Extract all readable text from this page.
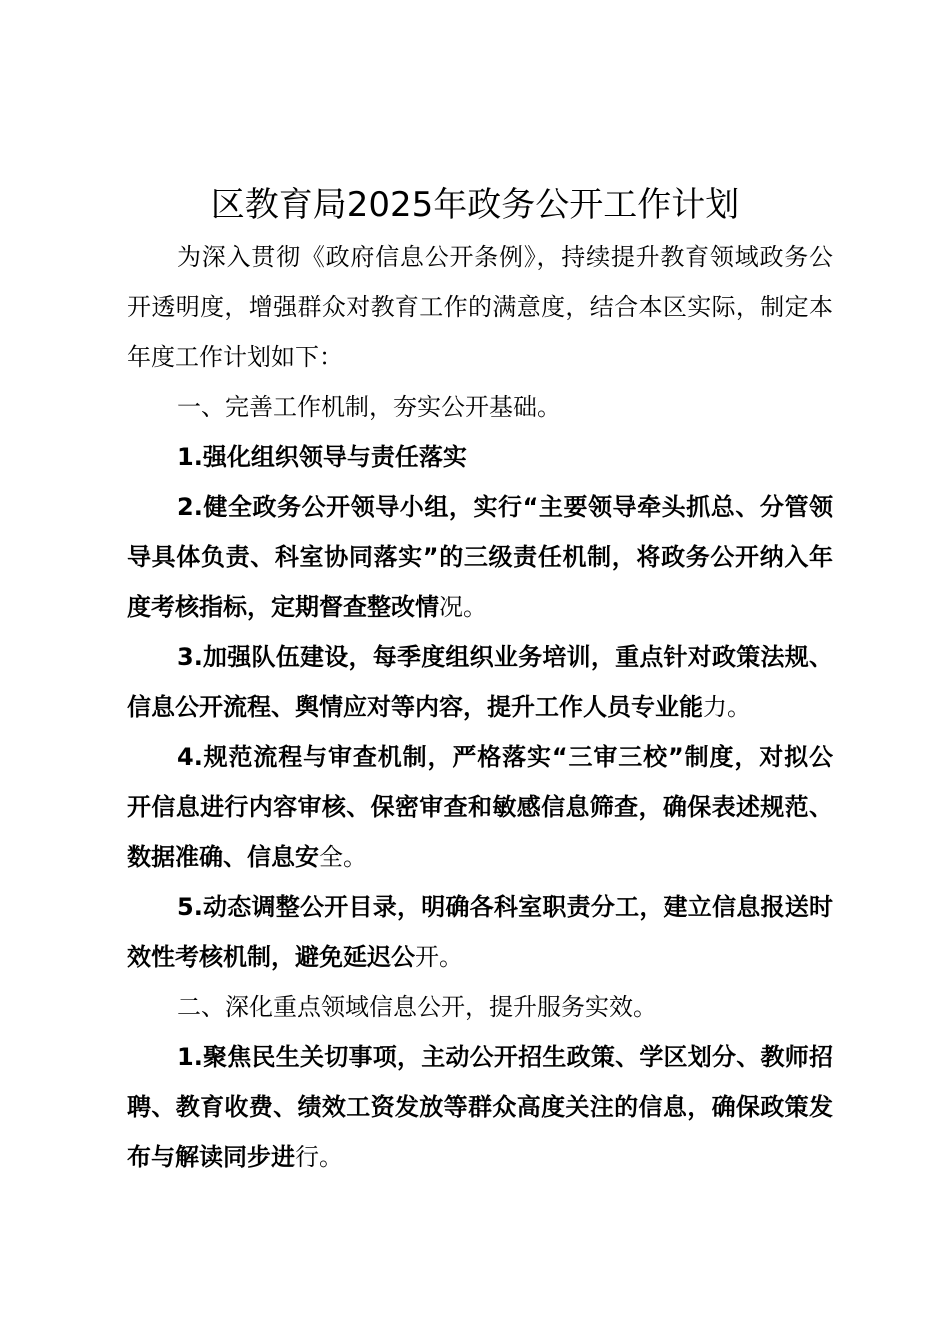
区教育局2025年政务公开工作计划

为深入贯彻《政府信息公开条例》，持续提升教育领域政务公开透明度，增强群众对教育工作的满意度，结合本区实际，制定本年度工作计划如下：

一、完善工作机制，夯实公开基础。

1.强化组织领导与责任落实

2.健全政务公开领导小组，实行“主要领导牵头抓总、分管领导具体负责、科室协同落实”的三级责任机制，将政务公开纳入年度考核指标，定期督查整改情况。

3.加强队伍建设，每季度组织业务培训，重点针对政策法规、信息公开流程、舆情应对等内容，提升工作人员专业能力。

4.规范流程与审查机制，严格落实“三审三校”制度，对拟公开信息进行内容审核、保密审查和敏感信息筛查，确保表述规范、数据准确、信息安全。

5.动态调整公开目录，明确各科室职责分工，建立信息报送时效性考核机制，避免延迟公开。

二、深化重点领域信息公开，提升服务实效。

1.聚焦民生关切事项，主动公开招生政策、学区划分、教师招聘、教育收费、绩效工资发放等群众高度关注的信息，确保政策发布与解读同步进行。
